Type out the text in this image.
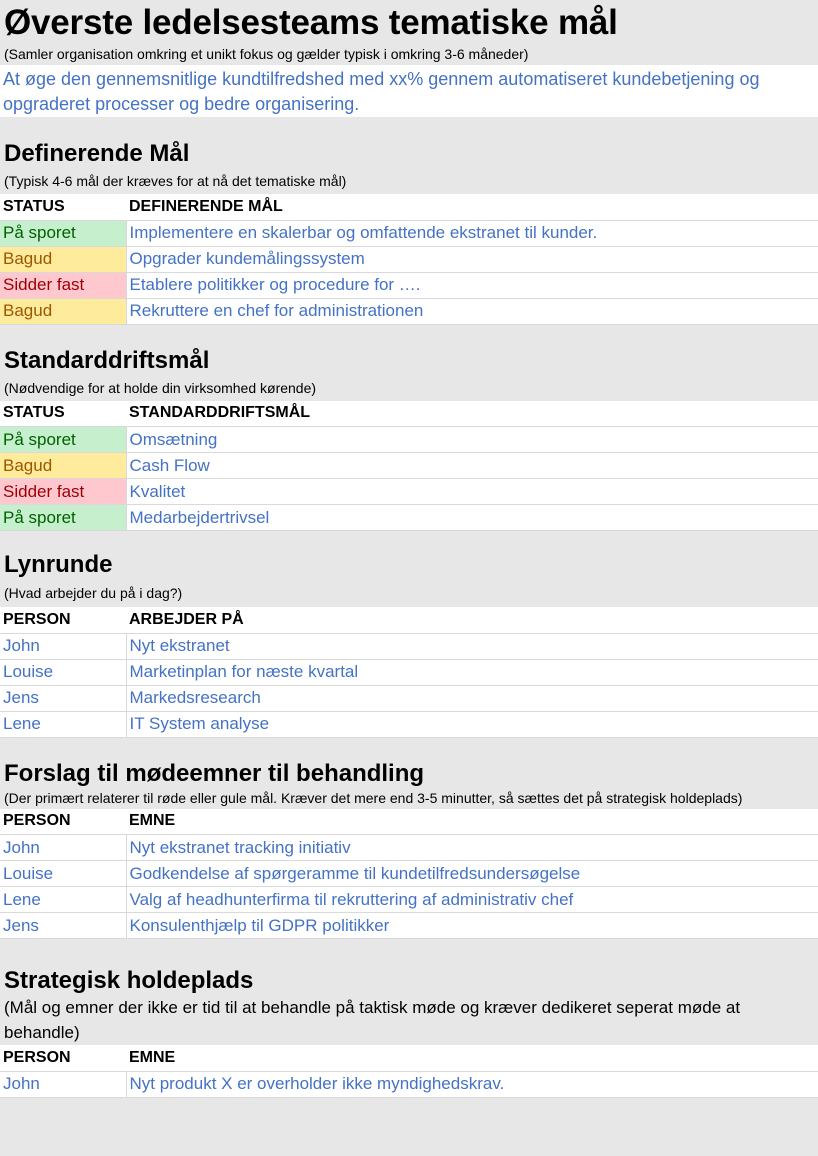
Øverste ledelsesteams tematiske mål
(Samler organisation omkring et unikt fokus og gælder typisk i omkring 3-6 måneder)
At øge den gennemsnitlige kundtilfredshed med xx% gennem automatiseret kundebetjening og opgraderet processer og bedre organisering.
Definerende Mål
(Typisk 4-6 mål der kræves for at nå det tematiske mål)
STATUS	DEFINERENDE MÅL
På sporet	Implementere en skalerbar og omfattende ekstranet til kunder.
Bagud	Opgrader kundemålingssystem
Sidder fast	Etablere politikker og procedure for ….
Bagud	Rekruttere en chef for administrationen
Standarddriftsmål
(Nødvendige for at holde din virksomhed kørende)
STATUS	STANDARDDRIFTSMÅL
På sporet	Omsætning
Bagud	Cash Flow
Sidder fast	Kvalitet
På sporet	Medarbejdertrivsel
Lynrunde
(Hvad arbejder du på i dag?)
PERSON	ARBEJDER PÅ
John	Nyt ekstranet
Louise	Marketinplan for næste kvartal
Jens	Markedsresearch
Lene	IT System analyse
Forslag til mødeemner til behandling
(Der primært relaterer til røde eller gule mål. Kræver det mere end 3-5 minutter, så sættes det på strategisk holdeplads)
PERSON	EMNE
John	Nyt ekstranet tracking initiativ
Louise	Godkendelse af spørgeramme til kundetilfredsundersøgelse
Lene	Valg af headhunterfirma til rekruttering af administrativ chef
Jens	Konsulenthjælp til GDPR politikker
Strategisk holdeplads
(Mål og emner der ikke er tid til at behandle på taktisk møde og kræver dedikeret seperat møde at behandle)
PERSON	EMNE
John	Nyt produkt X er overholder ikke myndighedskrav.
